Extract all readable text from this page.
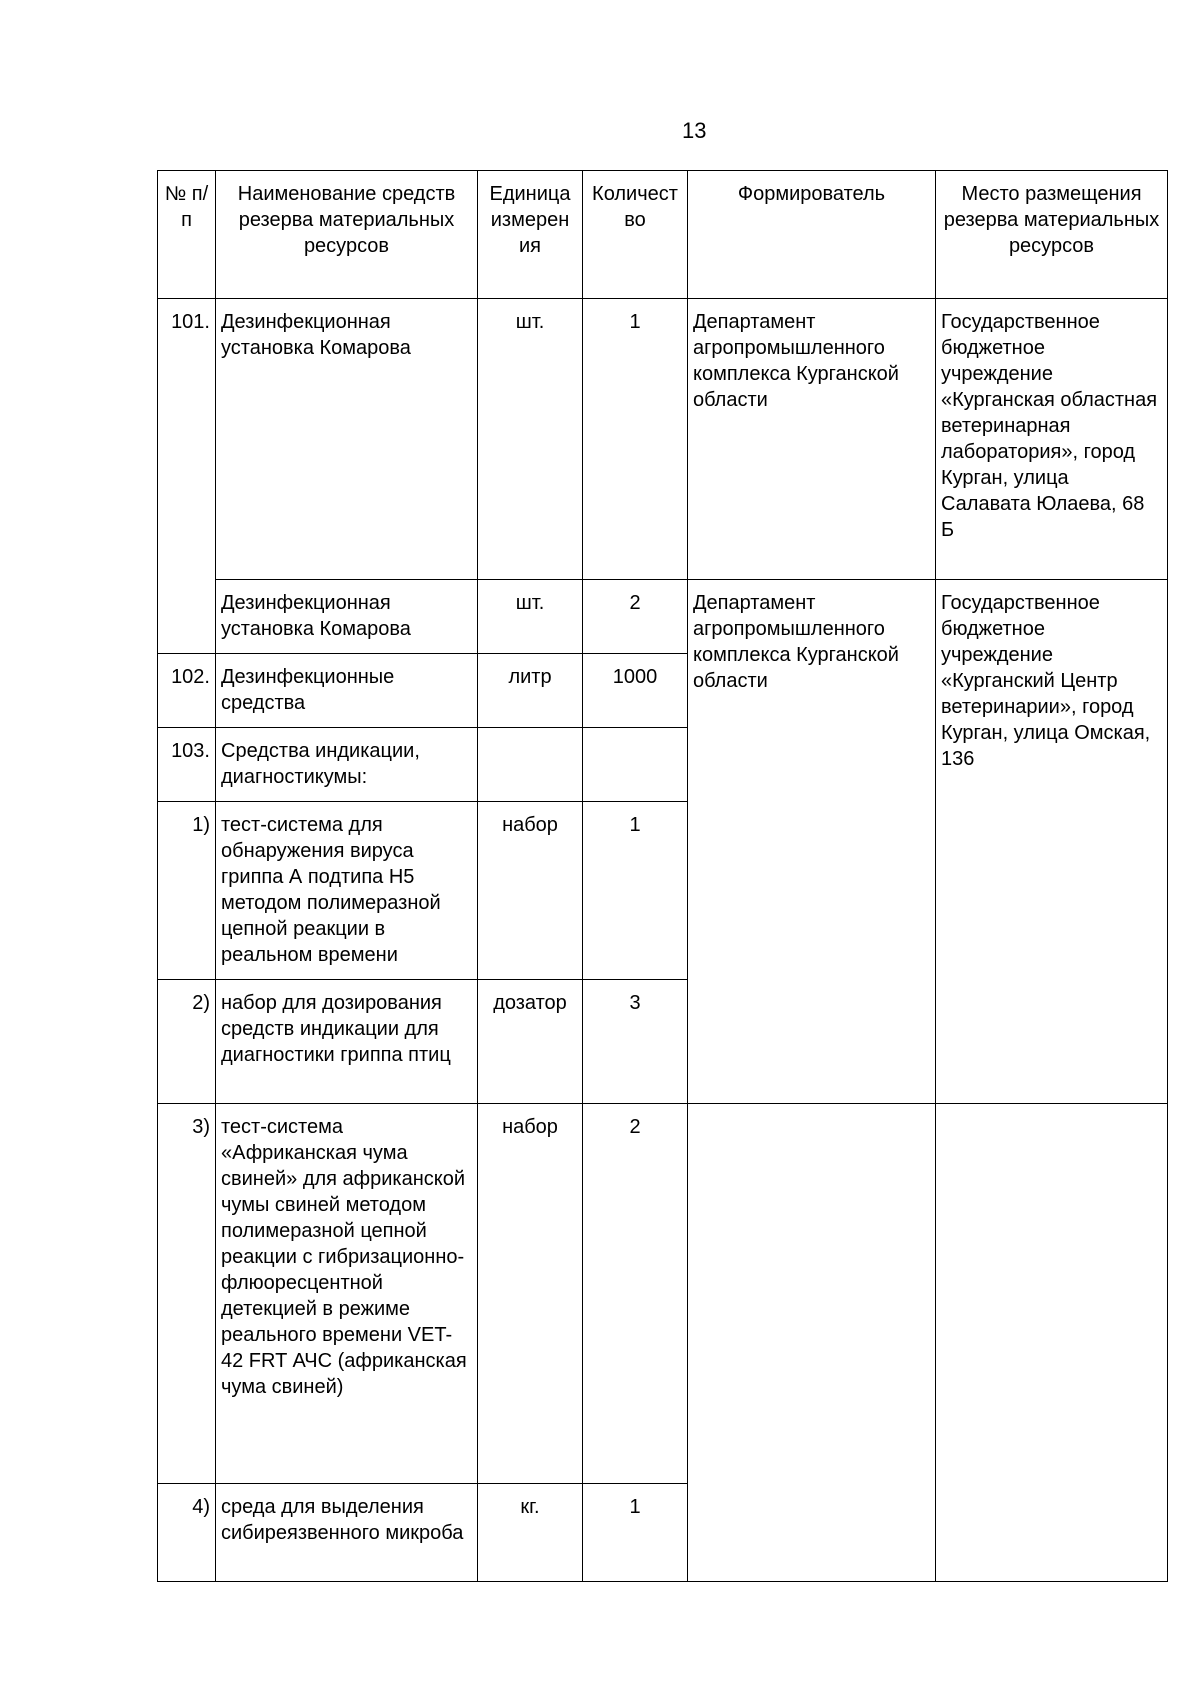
13
№ п/п	Наименование средств резерва материальных ресурсов	Единица измерен ия	Количест во	Формирователь	Место размещения резерва материальных ресурсов
101.	Дезинфекционная установка Комарова	шт.	1	Департамент агропромышленного комплекса Курганской области	Государственное бюджетное учреждение «Курганская областная ветеринарная лаборатория», город Курган, улица Салавата Юлаева, 68 Б
	Дезинфекционная установка Комарова	шт.	2	Департамент агропромышленного комплекса Курганской области	Государственное бюджетное учреждение «Курганский Центр ветеринарии», город Курган, улица Омская, 136
102.	Дезинфекционные средства	литр	1000		
103.	Средства индикации, диагностикумы:				
1)	тест-система для обнаружения вируса гриппа А подтипа Н5 методом полимеразной цепной реакции в реальном времени	набор	1		
2)	набор для дозирования средств индикации для диагностики гриппа птиц	дозатор	3		
3)	тест-система «Африканская чума свиней» для африканской чумы свиней методом полимеразной цепной реакции с гибризационно-флюоресцентной детекцией в режиме реального времени VET-42 FRT АЧС (африканская чума свиней)	набор	2		
4)	среда для выделения сибиреязвенного микроба	кг.	1		
